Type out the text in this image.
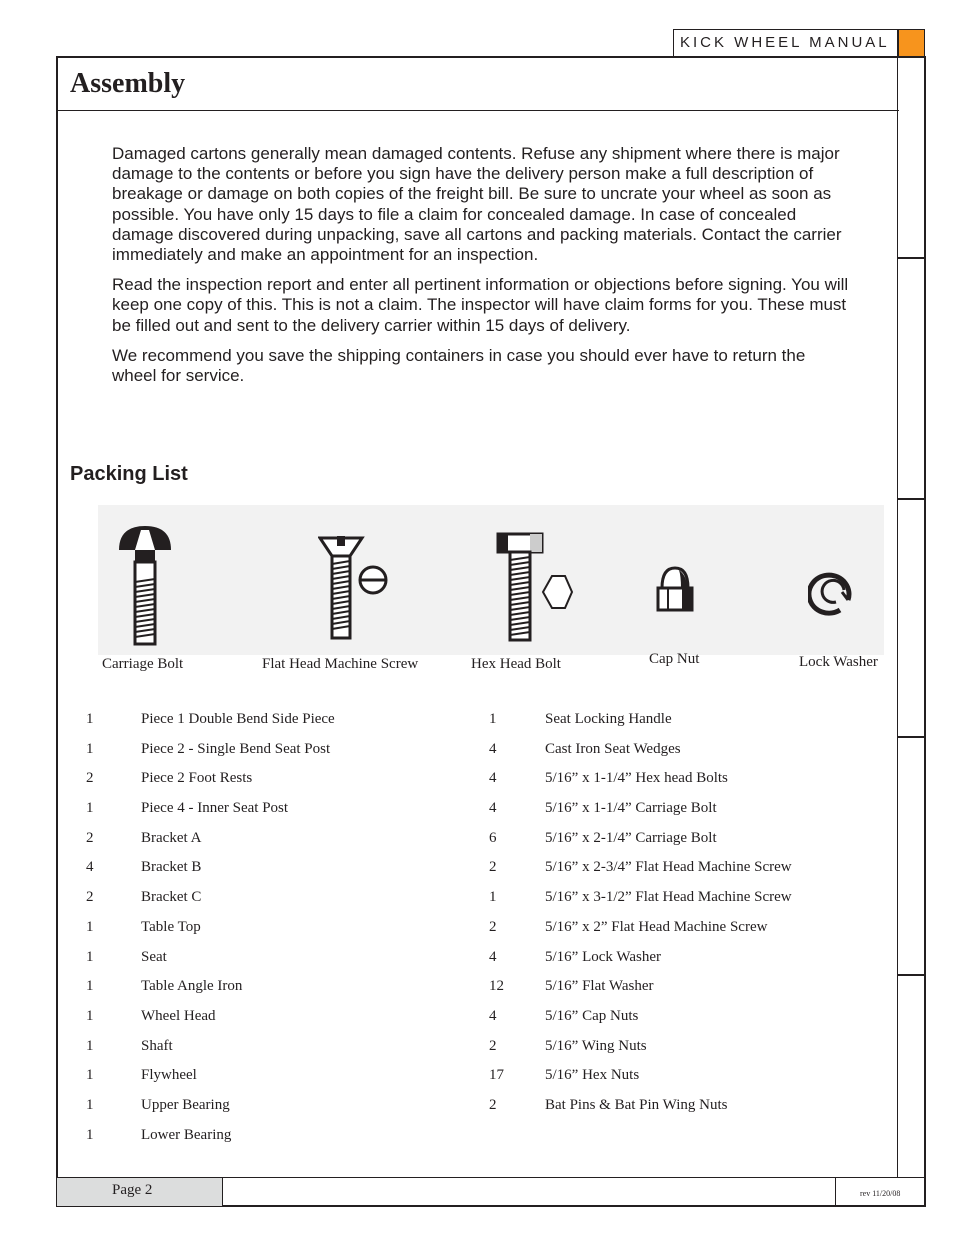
KICK WHEEL MANUAL
Assembly

Damaged cartons generally mean damaged contents. Refuse any shipment where there is major damage to the contents or before you sign have the delivery person make a full description of breakage or damage on both copies of the freight bill. Be sure to uncrate your wheel as soon as possible. You have only 15 days to file a claim for concealed damage. In case of concealed damage discovered during unpacking, save all cartons and packing materials. Contact the carrier immediately and make an appointment for an inspection.

Read the inspection report and enter all pertinent information or objections before signing. You will keep one copy of this. This is not a claim. The inspector will have claim forms for you. These must be filled out and sent to the delivery carrier within 15 days of delivery.

We recommend you save the shipping containers in case you should ever have to return the wheel for service.

Packing List
Carriage Bolt	Flat Head Machine Screw	Hex Head Bolt	Cap Nut	Lock Washer
1	Piece 1 Double Bend Side Piece
1	Piece 2 - Single Bend Seat Post
2	Piece 2 Foot Rests
1	Piece 4 - Inner Seat Post
2	Bracket A
4	Bracket B
2	Bracket C
1	Table Top
1	Seat
1	Table Angle Iron
1	Wheel Head
1	Shaft
1	Flywheel
1	Upper Bearing
1	Lower Bearing
1	Seat Locking Handle
4	Cast Iron Seat Wedges
4	5/16” x 1-1/4” Hex head Bolts
4	5/16” x 1-1/4” Carriage Bolt
6	5/16” x 2-1/4” Carriage Bolt
2	5/16” x 2-3/4” Flat Head Machine Screw
1	5/16” x 3-1/2” Flat Head Machine Screw
2	5/16” x 2” Flat Head Machine Screw
4	5/16” Lock Washer
12	5/16” Flat Washer
4	5/16” Cap Nuts
2	5/16” Wing Nuts
17	5/16” Hex Nuts
2	Bat Pins & Bat Pin Wing Nuts
Page 2	rev 11/20/08
